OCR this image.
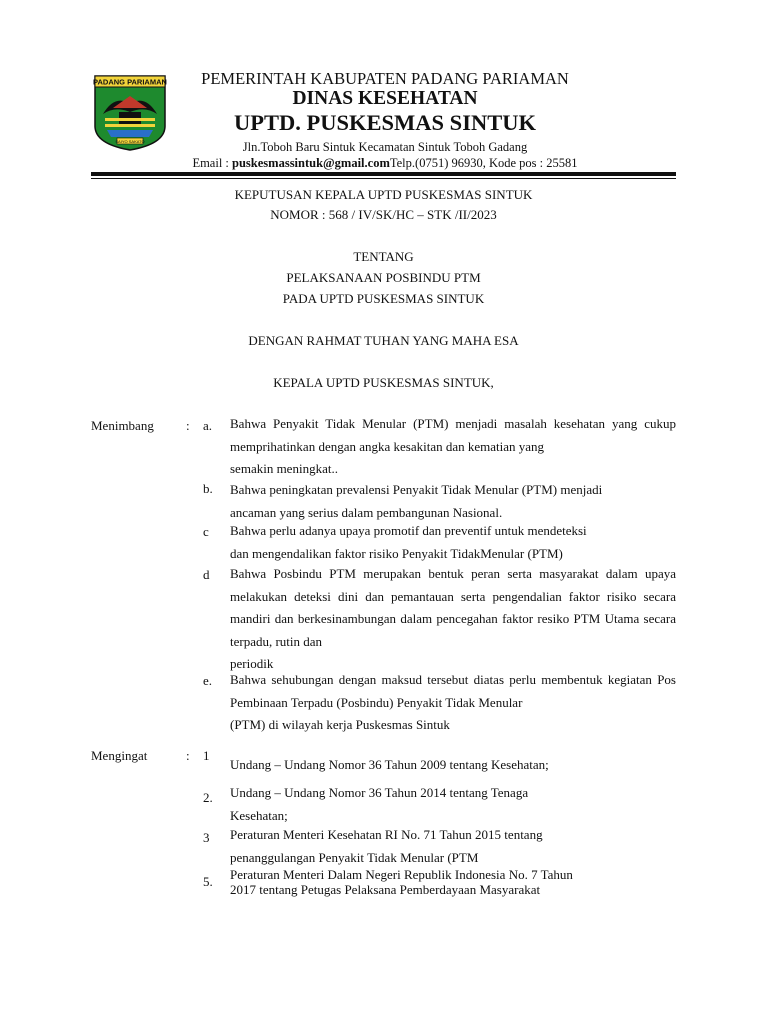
PADANG PARIAMAN
SAIYO SAKATO
PEMERINTAH KABUPATEN PADANG PARIAMAN
DINAS KESEHATAN
UPTD. PUSKESMAS SINTUK
Jln.Toboh Baru Sintuk Kecamatan Sintuk Toboh Gadang
Email : puskesmassintuk@gmail.comTelp.(0751) 96930, Kode pos : 25581
KEPUTUSAN KEPALA UPTD PUSKESMAS SINTUK
NOMOR : 568 / IV/SK/HC – STK /II/2023
TENTANG
PELAKSANAAN POSBINDU PTM
PADA UPTD PUSKESMAS SINTUK
DENGAN RAHMAT TUHAN YANG MAHA ESA
KEPALA UPTD PUSKESMAS SINTUK,
Menimbang : a. Bahwa Penyakit Tidak Menular (PTM) menjadi masalah kesehatan yang cukup memprihatinkan dengan angka kesakitan dan kematian yang
semakin meningkat..
b. Bahwa peningkatan prevalensi Penyakit Tidak Menular (PTM) menjadi
ancaman yang serius dalam pembangunan Nasional.
c Bahwa perlu adanya upaya promotif dan preventif untuk mendeteksi
dan mengendalikan faktor risiko Penyakit TidakMenular (PTM)
d Bahwa Posbindu PTM merupakan bentuk peran serta masyarakat dalam upaya melakukan deteksi dini dan pemantauan serta pengendalian faktor risiko secara mandiri dan berkesinambungan dalam pencegahan faktor resiko PTM Utama secara terpadu, rutin dan
periodik
e. Bahwa sehubungan dengan maksud tersebut diatas perlu membentuk kegiatan Pos Pembinaan Terpadu (Posbindu) Penyakit Tidak Menular
(PTM) di wilayah kerja Puskesmas Sintuk
Mengingat	: 1
Undang – Undang Nomor 36 Tahun 2009 tentang Kesehatan;
2. Undang – Undang Nomor 36 Tahun 2014 tentang Tenaga
Kesehatan;
3 Peraturan Menteri Kesehatan RI No. 71 Tahun 2015 tentang
penanggulangan Penyakit Tidak Menular (PTM
5. Peraturan Menteri Dalam Negeri Republik Indonesia No. 7 Tahun
2017 tentang Petugas Pelaksana Pemberdayaan Masyarakat
